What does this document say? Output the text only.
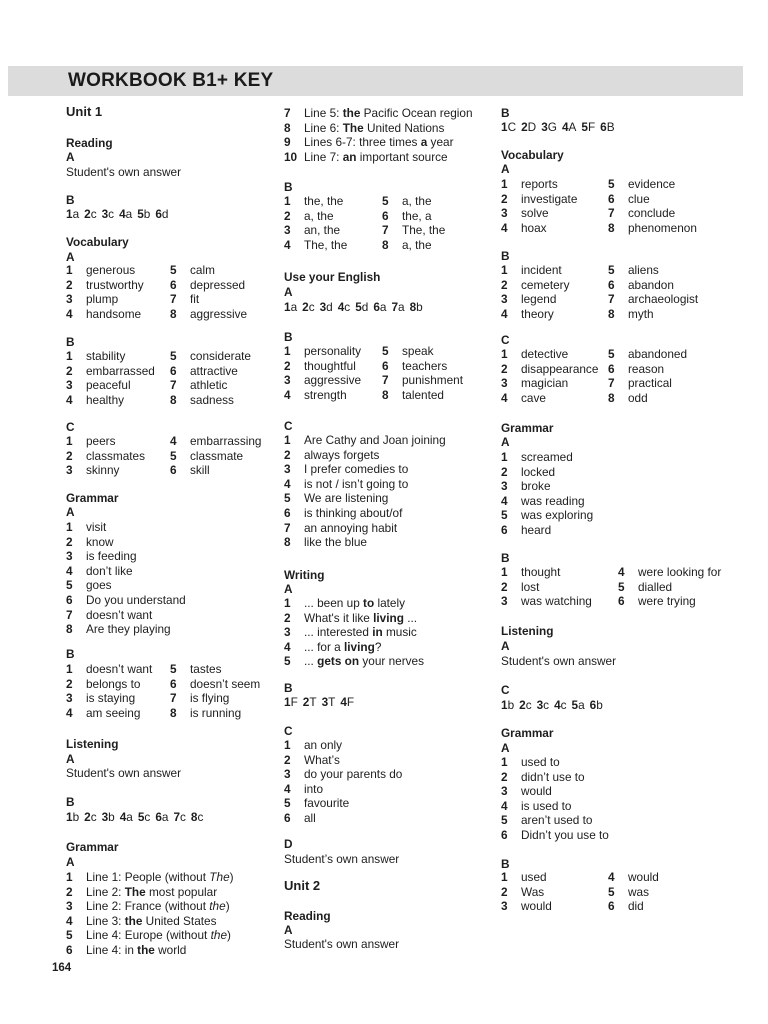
WORKBOOK B1+ KEY
Unit 1
Reading
A
Student's own answer
B
1a 2c 3c 4a 5b 6d
Vocabulary
A
1 generous
2 trustworthy
3 plump
4 handsome
5 calm
6 depressed
7 fit
8 aggressive
B
1 stability
2 embarrassed
3 peaceful
4 healthy
5 considerate
6 attractive
7 athletic
8 sadness
C
1 peers
2 classmates
3 skinny
4 embarrassing
5 classmate
6 skill
Grammar
A
1 visit
2 know
3 is feeding
4 don’t like
5 goes
6 Do you understand
7 doesn’t want
8 Are they playing
B
1 doesn’t want
2 belongs to
3 is staying
4 am seeing
5 tastes
6 doesn’t seem
7 is flying
8 is running
Listening
A
Student's own answer
B
1b 2c 3b 4a 5c 6a 7c 8c
Grammar
A
1 Line 1: People (without The)
2 Line 2: The most popular
3 Line 2: France (without the)
4 Line 3: the United States
5 Line 4: Europe (without the)
6 Line 4: in the world
7 Line 5: the Pacific Ocean region
8 Line 6: The United Nations
9 Lines 6-7: three times a year
10 Line 7: an important source
B
1 the, the
2 a, the
3 an, the
4 The, the
5 a, the
6 the, a
7 The, the
8 a, the
Use your English
A
1a 2c 3d 4c 5d 6a 7a 8b
B
1 personality
2 thoughtful
3 aggressive
4 strength
5 speak
6 teachers
7 punishment
8 talented
C
1 Are Cathy and Joan joining
2 always forgets
3 I prefer comedies to
4 is not / isn’t going to
5 We are listening
6 is thinking about/of
7 an annoying habit
8 like the blue
Writing
A
1 ... been up to lately
2 What's it like living ...
3 ... interested in music
4 ... for a living?
5 ... gets on your nerves
B
1F 2T 3T 4F
C
1 an only
2 What’s
3 do your parents do
4 into
5 favourite
6 all
D
Student’s own answer
Unit 2
Reading
A
Student's own answer
B
1C 2D 3G 4A 5F 6B
Vocabulary
A
1 reports
2 investigate
3 solve
4 hoax
5 evidence
6 clue
7 conclude
8 phenomenon
B
1 incident
2 cemetery
3 legend
4 theory
5 aliens
6 abandon
7 archaeologist
8 myth
C
1 detective
2 disappearance
3 magician
4 cave
5 abandoned
6 reason
7 practical
8 odd
Grammar
A
1 screamed
2 locked
3 broke
4 was reading
5 was exploring
6 heard
B
1 thought
2 lost
3 was watching
4 were looking for
5 dialled
6 were trying
Listening
A
Student's own answer
C
1b 2c 3c 4c 5a 6b
Grammar
A
1 used to
2 didn’t use to
3 would
4 is used to
5 aren’t used to
6 Didn’t you use to
B
1 used
2 Was
3 would
4 would
5 was
6 did
164
